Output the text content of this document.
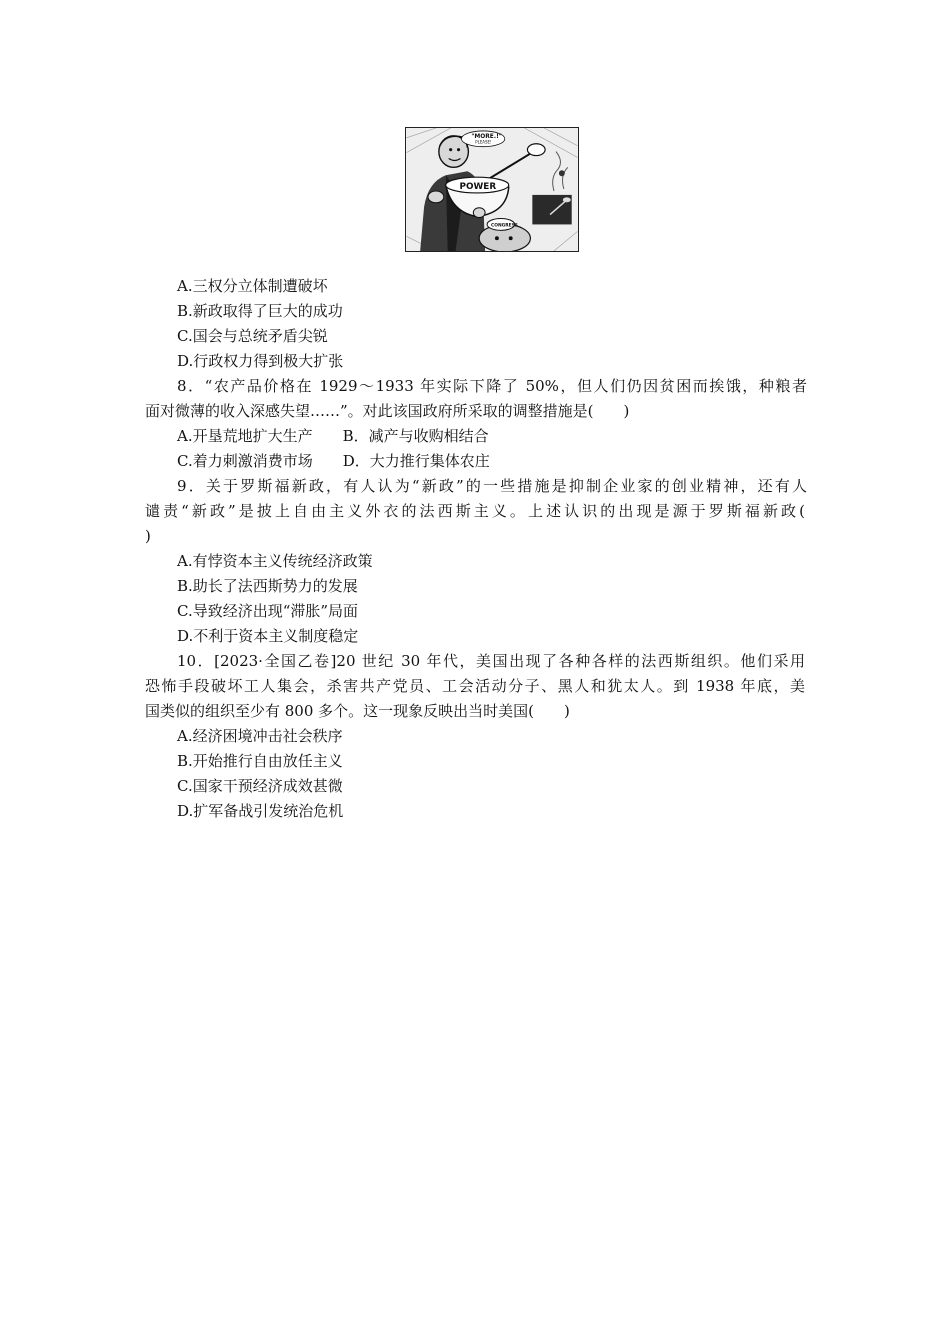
"MORE.!"
PLEASE!
POWER
CONGRESS
A.三权分立体制遭破坏
B.新政取得了巨大的成功
C.国会与总统矛盾尖锐
D.行政权力得到极大扩张
8．“农产品价格在 1929～1933 年实际下降了 50%，但人们仍因贫困而挨饿，种粮者
面对微薄的收入深感失望……”。对此该国政府所采取的调整措施是(　　)
A.开垦荒地扩大生产　　B．减产与收购相结合
C.着力刺激消费市场　　D．大力推行集体农庄
9．关于罗斯福新政，有人认为“新政”的一些措施是抑制企业家的创业精神，还有人
谴责“新政”是披上自由主义外衣的法西斯主义。上述认识的出现是源于罗斯福新政(
)
A.有悖资本主义传统经济政策
B.助长了法西斯势力的发展
C.导致经济出现“滞胀”局面
D.不利于资本主义制度稳定
10．[2023·全国乙卷]20 世纪 30 年代，美国出现了各种各样的法西斯组织。他们采用
恐怖手段破坏工人集会，杀害共产党员、工会活动分子、黑人和犹太人。到 1938 年底，美
国类似的组织至少有 800 多个。这一现象反映出当时美国(　　)
A.经济困境冲击社会秩序
B.开始推行自由放任主义
C.国家干预经济成效甚微
D.扩军备战引发统治危机
